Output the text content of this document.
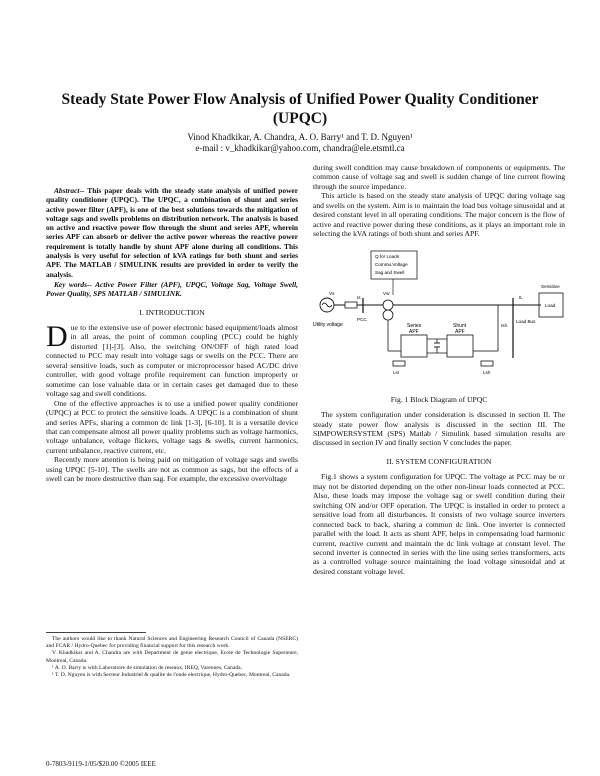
Steady State Power Flow Analysis of Unified Power Quality Conditioner (UPQC)
Vinod Khadkikar, A. Chandra, A. O. Barry¹ and T. D. Nguyen¹
e-mail : v_khadkikar@yahoo.com, chandra@ele.etsmtl.ca

Abstract-- This paper deals with the steady state analysis of unified power quality conditioner (UPQC). The UPQC, a combination of shunt and series active power filter (APF), is one of the best solutions towards the mitigation of voltage sags and swells problems on distribution network. The analysis is based on active and reactive power flow through the shunt and series APF, wherein series APF can absorb or deliver the active power whereas the reactive power requirement is totally handle by shunt APF alone during all conditions. This analysis is very useful for selection of kVA ratings for both shunt and series APF. The MATLAB / SIMULINK results are provided in order to verify the analysis.

Key words-- Active Power Filter (APF), UPQC, Voltage Sag, Voltage Swell, Power Quality, SPS MATLAB / SIMULINK.

I. INTRODUCTION

Due to the extensive use of power electronic based equipment/loads almost in all areas, the point of common coupling (PCC) could be highly distorted [1]-[3]. Also, the switching ON/OFF of high rated load connected to PCC may result into voltage sags or swells on the PCC. There are several sensitive loads, such as computer or microprocessor based AC/DC drive controller, with good voltage profile requirement can function improperly or sometime can lose valuable data or in certain cases get damaged due to these voltage sag and swell conditions.

One of the effective approaches is to use a unified power quality conditioner (UPQC) at PCC to protect the sensitive loads. A UPQC is a combination of shunt and series APFs, sharing a common dc link [1-3], [6-10]. It is a versatile device that can compensate almost all power quality problems such as voltage harmonics, voltage unbalance, voltage flickers, voltage sags & swells, current harmonics, current unbalance, reactive current, etc.

Recently more attention is being paid on mitigation of voltage sags and swells using UPQC [5-10]. The swells are not as common as sags, but the effects of a swell can be more destructive than sag. For example, the excessive overvoltage

The authors would like to thank Natural Sciences and Engineering Research Council of Canada (NSERC) and FCAR / Hydro-Quebec for providing financial support for this research work.

V. Khadkikar and A. Chandra are with Department de genie electrique, Ecole de Technologie Superieure, Montreal, Canada.

¹ A. O. Barry is with Laboratoire de simulation de reseaux, IREQ, Varennes, Canada.

¹ T. D. Nguyen is with Secteur Industriel & qualite de l'onde electrique, Hydro-Quebec, Montreal, Canada.

0-7803-9119-1/05/$20.00 ©2005 IEEE

during swell condition may cause breakdown of components or equipments. The common cause of voltage sag and swell is sudden change of line current flowing through the source impedance.

This article is based on the steady state analysis of UPQC during voltage sag and swells on the system. Aim is to maintain the load bus voltage sinusoidal and at desired constant level in all operating conditions. The major concern is the flow of active and reactive power during these conditions, as it plays an important role in selecting the kVA ratings of both shunt and series APF.

Q.for Loads
Commu.Voltage
Sag and Swell
Utility voltage
Vs
PCC
Is
Vsr
Series
APF
Lsr
Shunt
APF
Lsh
Ish
Load Bus
IL
Sensitive
Load
Fig. 1 Block Diagram of UPQC

The system configuration under consideration is discussed in section II. The steady state power flow analysis is discussed in the section III. The SIMPOWERSYSTEM (SPS) Matlab / Simulink based simulation results are discussed in section IV and finally section V concludes the paper.

II. SYSTEM CONFIGURATION

Fig.1 shows a system configuration for UPQC. The voltage at PCC may be or may not be distorted depending on the other non-linear loads connected at PCC. Also, these loads may impose the voltage sag or swell condition during their switching ON and/or OFF operation. The UPQC is installed in order to protect a sensitive load from all disturbances. It consists of two voltage source inverters connected back to back, sharing a common dc link. One inverter is connected parallel with the load. It acts as shunt APF, helps in compensating load harmonic current, reactive current and maintain the dc link voltage at constant level. The second inverter is connected in series with the line using series transformers, acts as a controlled voltage source maintaining the load voltage sinusoidal and at desired constant voltage level.
